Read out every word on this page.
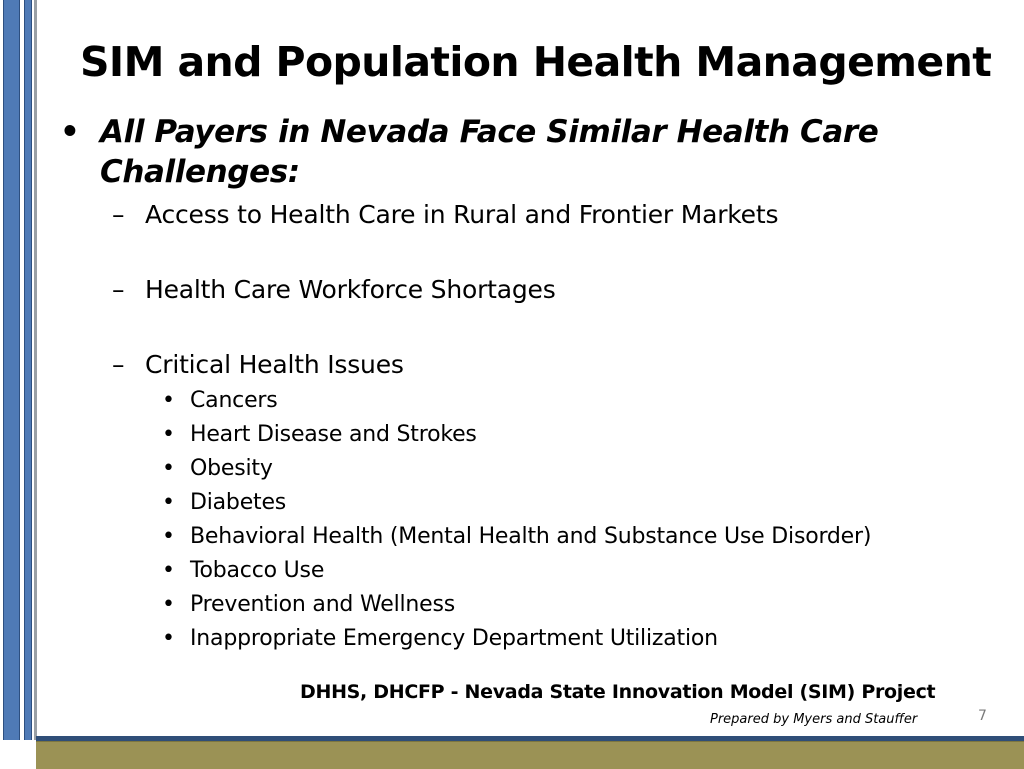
SIM and Population Health Management
• All Payers in Nevada Face Similar Health Care Challenges:
– Access to Health Care in Rural and Frontier Markets
– Health Care Workforce Shortages
– Critical Health Issues
• Cancers
• Heart Disease and Strokes
• Obesity
• Diabetes
• Behavioral Health (Mental Health and Substance Use Disorder)
• Tobacco Use
• Prevention and Wellness
• Inappropriate Emergency Department Utilization
DHHS, DHCFP - Nevada State Innovation Model (SIM) Project
Prepared by Myers and Stauffer	7
